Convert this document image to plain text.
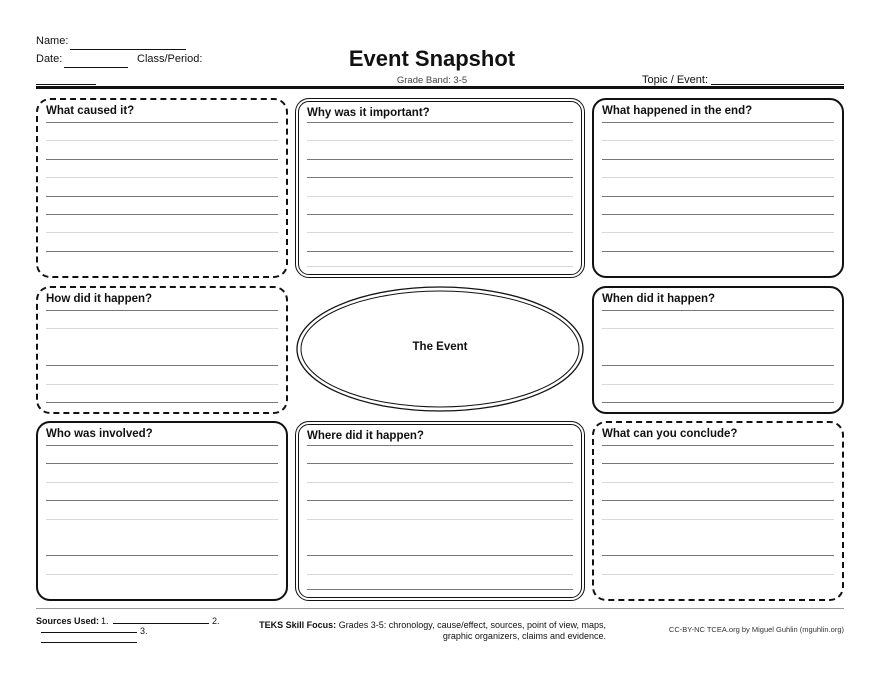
Name:
Date:	Class/Period:	Event Snapshot
Grade Band: 3-5	Topic / Event:
What caused it?	Why was it important?	What happened in the end?
How did it happen?
The Event
When did it happen?
Who was involved?	Where did it happen?	What can you conclude?
Sources Used: 1.	2.
3.
TEKS Skill Focus: Grades 3-5: chronology, cause/effect, sources, point of view, maps,
graphic organizers, claims and evidence.
CC-BY-NC TCEA.org by Miguel Guhlin (mguhlin.org)
